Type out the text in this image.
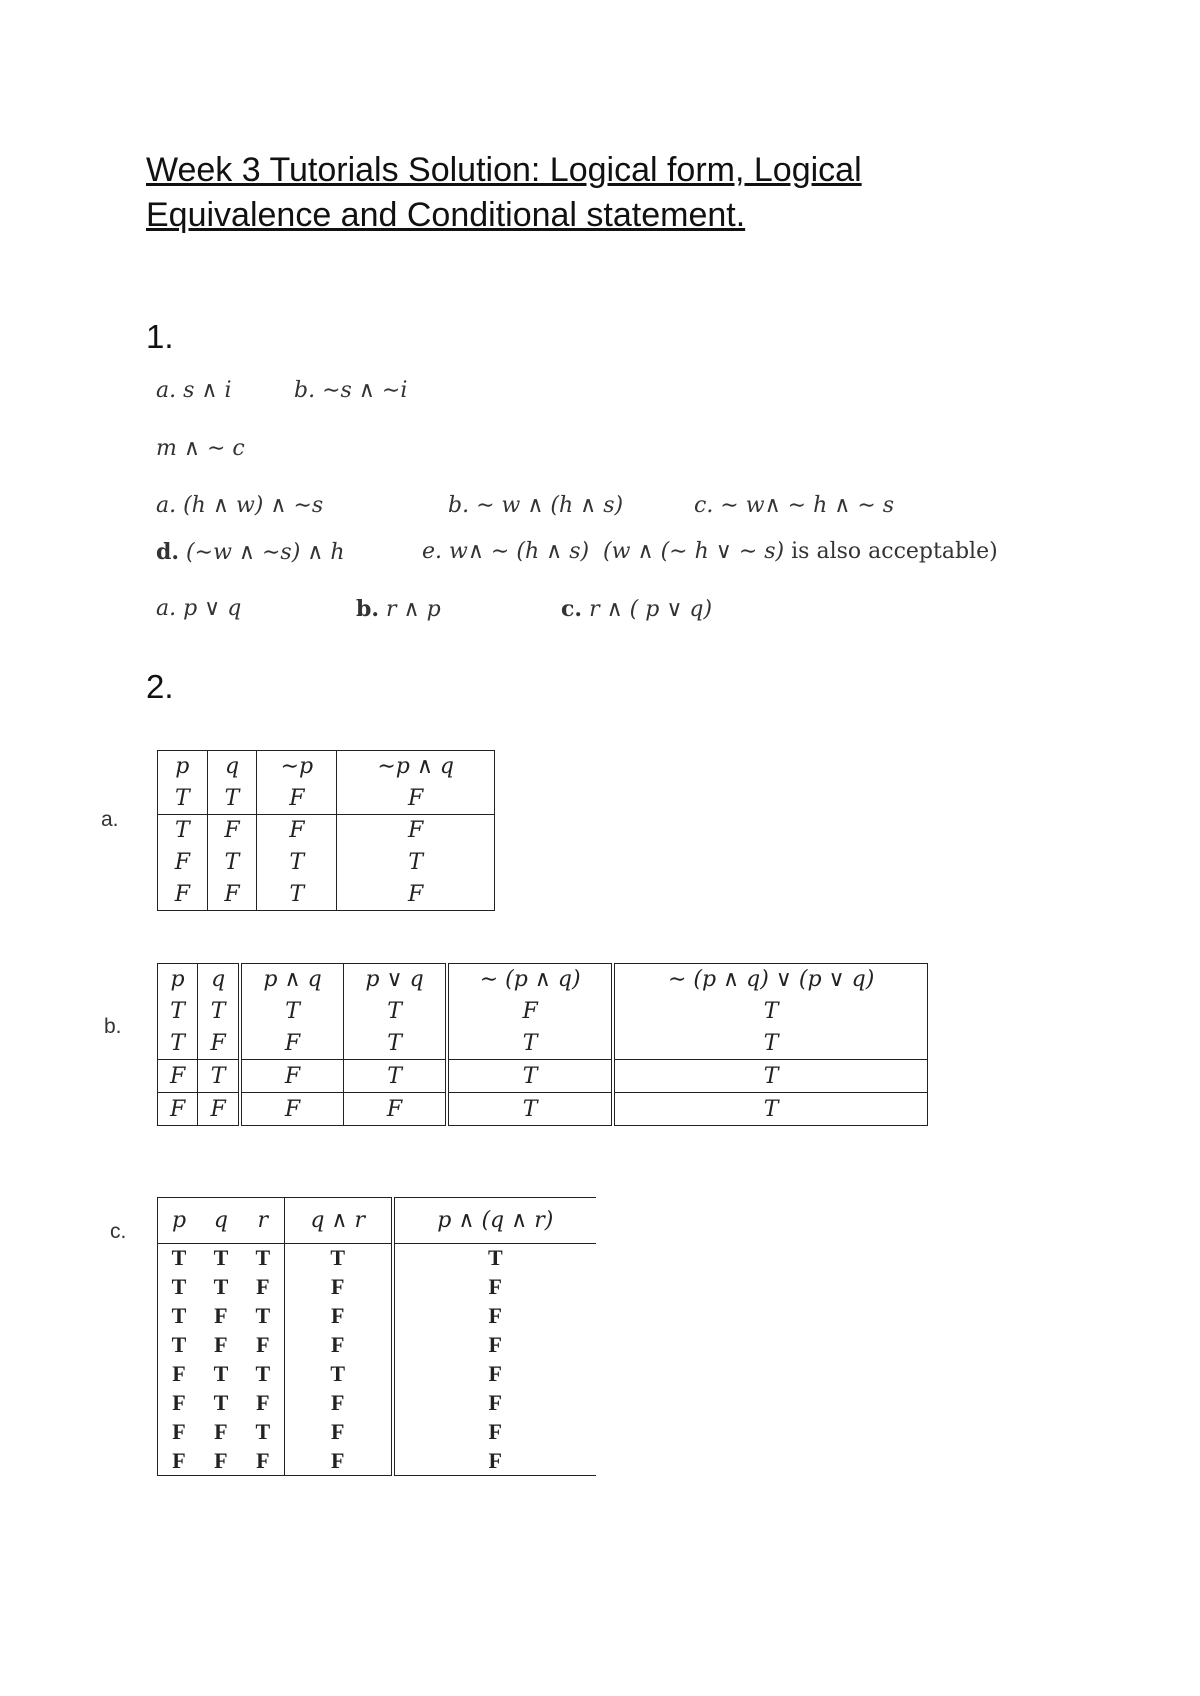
Week 3 Tutorials Solution: Logical form, Logical
Equivalence and Conditional statement.
1.
a. s ∧ i	b. ∼s ∧ ∼i
m ∧ ∼ c
a. (h ∧ w) ∧ ∼s	b. ∼ w ∧ (h ∧ s)	c. ∼ w∧ ∼ h ∧ ∼ s
d. (∼w ∧ ∼s) ∧ h	e. w∧ ∼ (h ∧ s)  (w ∧ (∼ h ∨ ∼ s) is also acceptable)
a. p ∨ q	b. r ∧ p	c. r ∧ ( p ∨ q)
2.
a.
p	q	∼p	∼p ∧ q
T	T	F	F
T	F	F	F
F	T	T	T
F	F	T	F
b.
p	q	p ∧ q	p ∨ q	∼ (p ∧ q)	∼ (p ∧ q) ∨ (p ∨ q)
T	T	T	T	F	T
T	F	F	T	T	T
F	T	F	T	T	T
F	F	F	F	T	T
c. p	q	r	q ∧ r	p ∧ (q ∧ r)
T	T	T	T	T
T	T	F	F	F
T	F	T	F	F
T	F	F	F	F
F	T	T	T	F
F	T	F	F	F
F	F	T	F	F
F	F	F	F	F
